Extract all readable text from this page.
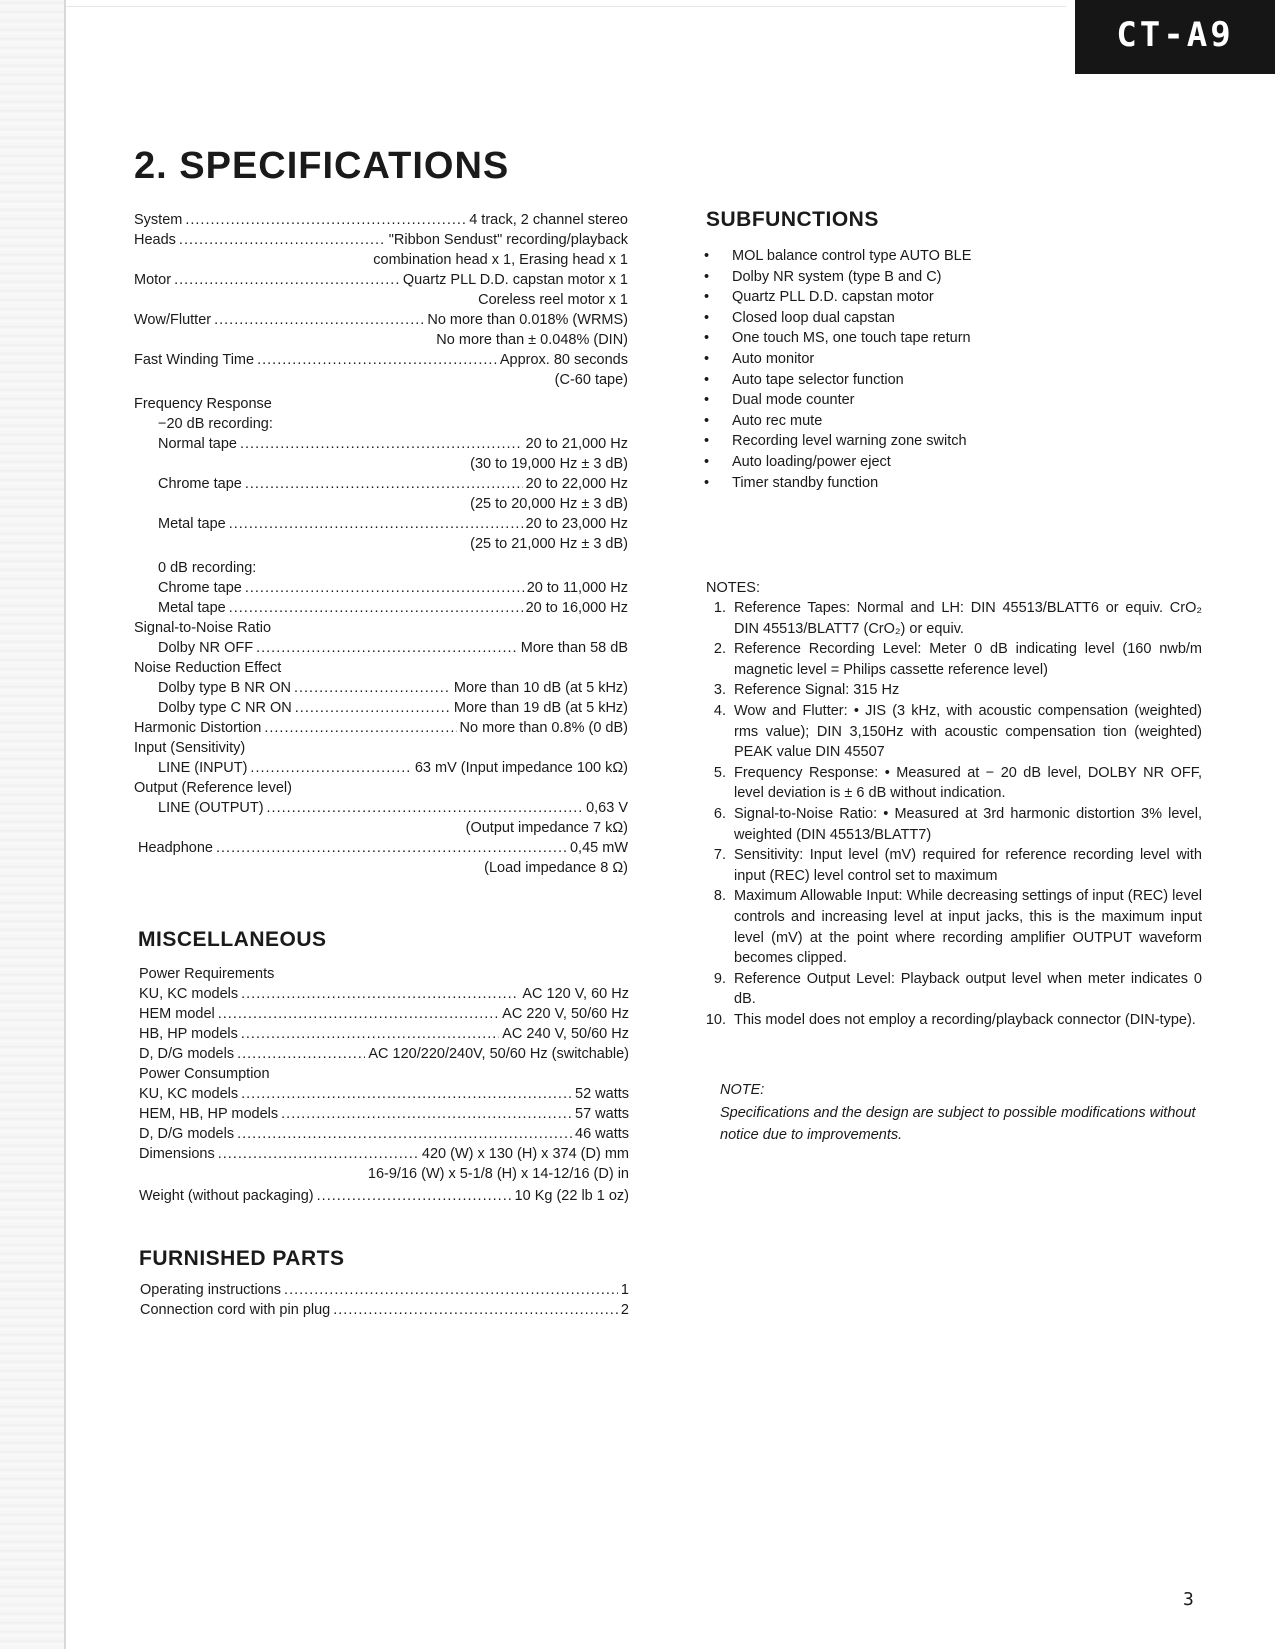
CT-A9
2. SPECIFICATIONS
System .....	4 track, 2 channel stereo
Heads .....	"Ribbon Sendust" recording/playback
combination head x 1, Erasing head x 1
Motor .....	Quartz PLL D.D. capstan motor x 1
Coreless reel motor x 1
Wow/Flutter .....	No more than 0.018% (WRMS)
No more than ± 0.048% (DIN)
Fast Winding Time .....	Approx. 80 seconds
(C-60 tape)
Frequency Response
−20 dB recording:
Normal tape .....	20 to 21,000 Hz
(30 to 19,000 Hz ± 3 dB)
Chrome tape .....	20 to 22,000 Hz
(25 to 20,000 Hz ± 3 dB)
Metal tape .....	20 to 23,000 Hz
(25 to 21,000 Hz ± 3 dB)
0 dB recording:
Chrome tape .....	20 to 11,000 Hz
Metal tape .....	20 to 16,000 Hz
Signal-to-Noise Ratio
Dolby NR OFF .....	More than 58 dB
Noise Reduction Effect
Dolby type B NR ON .....	More than 10 dB (at 5 kHz)
Dolby type C NR ON .....	More than 19 dB (at 5 kHz)
Harmonic Distortion .....	No more than 0.8% (0 dB)
Input (Sensitivity)
LINE (INPUT) .....	63 mV (Input impedance 100 kΩ)
Output (Reference level)
LINE (OUTPUT) .....	0,63 V
(Output impedance 7 kΩ)
Headphone .....	0,45 mW
(Load impedance 8 Ω)
MISCELLANEOUS
Power Requirements
KU, KC models .....	AC 120 V, 60 Hz
HEM model .....	AC 220 V, 50/60 Hz
HB, HP models .....	AC 240 V, 50/60 Hz
D, D/G models .....	AC 120/220/240V, 50/60 Hz (switchable)
Power Consumption
KU, KC models .....	52 watts
HEM, HB, HP models .....	57 watts
D, D/G models .....	46 watts
Dimensions .....	420 (W) x 130 (H) x 374 (D) mm
16-9/16 (W) x 5-1/8 (H) x 14-12/16 (D) in
Weight (without packaging) .....	10 Kg (22 lb 1 oz)
FURNISHED PARTS
Operating instructions .....	1
Connection cord with pin plug .....	2
SUBFUNCTIONS
• MOL balance control type AUTO BLE
• Dolby NR system (type B and C)
• Quartz PLL D.D. capstan motor
• Closed loop dual capstan
• One touch MS, one touch tape return
• Auto monitor
• Auto tape selector function
• Dual mode counter
• Auto rec mute
• Recording level warning zone switch
• Auto loading/power eject
• Timer standby function
NOTES:
1. Reference Tapes: Normal and LH: DIN 45513/BLATT6 or equiv. CrO₂ DIN 45513/BLATT7 (CrO₂) or equiv.
2. Reference Recording Level: Meter 0 dB indicating level (160 nwb/m magnetic level = Philips cassette reference level)
3. Reference Signal: 315 Hz
4. Wow and Flutter: • JIS (3 kHz, with acoustic compensation (weighted) rms value); DIN 3,150Hz with acoustic compensation tion (weighted) PEAK value DIN 45507
5. Frequency Response: • Measured at − 20 dB level, DOLBY NR OFF, level deviation is ± 6 dB without indication.
6. Signal-to-Noise Ratio: • Measured at 3rd harmonic distortion 3% level, weighted (DIN 45513/BLATT7)
7. Sensitivity: Input level (mV) required for reference recording level with input (REC) level control set to maximum
8. Maximum Allowable Input: While decreasing settings of input (REC) level controls and increasing level at input jacks, this is the maximum input level (mV) at the point where recording amplifier OUTPUT waveform becomes clipped.
9. Reference Output Level: Playback output level when meter indicates 0 dB.
10. This model does not employ a recording/playback connector (DIN-type).
NOTE:
Specifications and the design are subject to possible modifications without notice due to improvements.
3
